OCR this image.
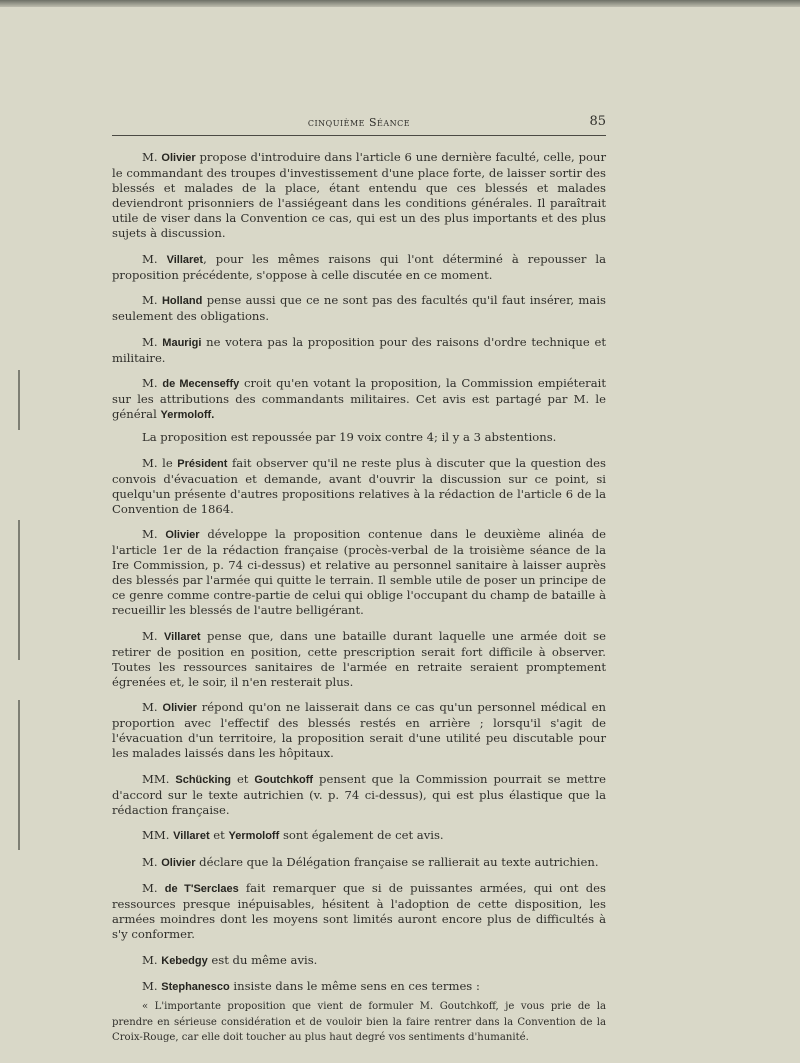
cinquième Séance	85

M. Olivier propose d'introduire dans l'article 6 une dernière faculté, celle, pour le commandant des troupes d'investissement d'une place forte, de laisser sortir des blessés et malades de la place, étant entendu que ces blessés et malades deviendront prisonniers de l'assiégeant dans les conditions générales. Il paraîtrait utile de viser dans la Convention ce cas, qui est un des plus importants et des plus sujets à discussion.

M. Villaret, pour les mêmes raisons qui l'ont déterminé à repousser la proposition précédente, s'oppose à celle discutée en ce moment.

M. Holland pense aussi que ce ne sont pas des facultés qu'il faut insérer, mais seulement des obligations.

M. Maurigi ne votera pas la proposition pour des raisons d'ordre technique et militaire.

M. de Mecenseffy croit qu'en votant la proposition, la Commission empiéterait sur les attributions des commandants militaires. Cet avis est partagé par M. le général Yermoloff.

La proposition est repoussée par 19 voix contre 4; il y a 3 abstentions.

M. le Président fait observer qu'il ne reste plus à discuter que la question des convois d'évacuation et demande, avant d'ouvrir la discussion sur ce point, si quelqu'un présente d'autres propositions relatives à la rédaction de l'article 6 de la Convention de 1864.

M. Olivier développe la proposition contenue dans le deuxième alinéa de l'article 1er de la rédaction française (procès-verbal de la troisième séance de la Ire Commission, p. 74 ci-dessus) et relative au personnel sanitaire à laisser auprès des blessés par l'armée qui quitte le terrain. Il semble utile de poser un principe de ce genre comme contre-partie de celui qui oblige l'occupant du champ de bataille à recueillir les blessés de l'autre belligérant.

M. Villaret pense que, dans une bataille durant laquelle une armée doit se retirer de position en position, cette prescription serait fort difficile à observer. Toutes les ressources sanitaires de l'armée en retraite seraient promptement égrenées et, le soir, il n'en resterait plus.

M. Olivier répond qu'on ne laisserait dans ce cas qu'un personnel médical en proportion avec l'effectif des blessés restés en arrière ; lorsqu'il s'agit de l'évacuation d'un territoire, la proposition serait d'une utilité peu discutable pour les malades laissés dans les hôpitaux.

MM. Schücking et Goutchkoff pensent que la Commission pourrait se mettre d'accord sur le texte autrichien (v. p. 74 ci-dessus), qui est plus élastique que la rédaction française.

MM. Villaret et Yermoloff sont également de cet avis.

M. Olivier déclare que la Délégation française se rallierait au texte autrichien.

M. de T'Serclaes fait remarquer que si de puissantes armées, qui ont des ressources presque inépuisables, hésitent à l'adoption de cette disposition, les armées moindres dont les moyens sont limités auront encore plus de difficultés à s'y conformer.

M. Kebedgy est du même avis.

M. Stephanesco insiste dans le même sens en ces termes :

« L'importante proposition que vient de formuler M. Goutchkoff, je vous prie de la prendre en sérieuse considération et de vouloir bien la faire rentrer dans la Convention de la Croix-Rouge, car elle doit toucher au plus haut degré vos sentiments d'humanité.
